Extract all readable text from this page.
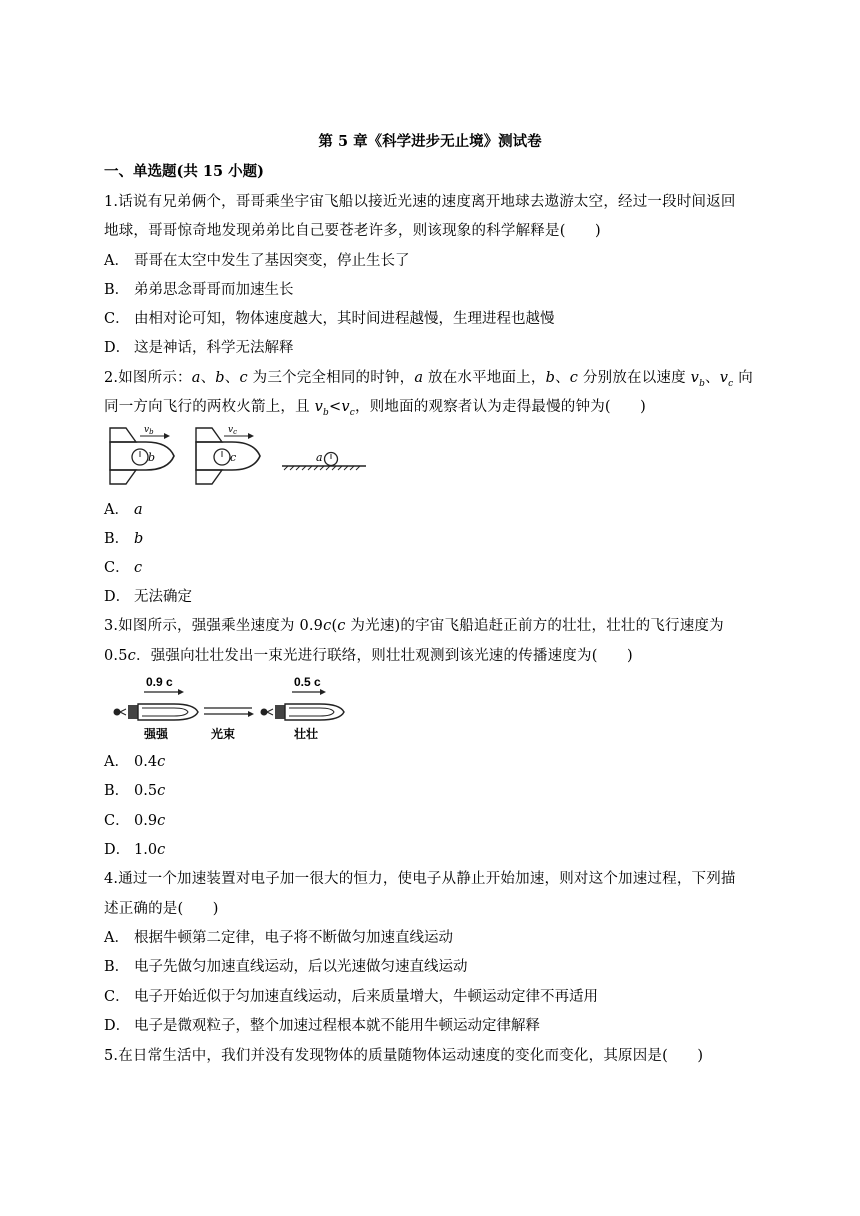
第 5 章《科学进步无止境》测试卷
一、单选题(共 15 小题)
1.话说有兄弟俩个，哥哥乘坐宇宙飞船以接近光速的速度离开地球去遨游太空，经过一段时间返回
地球，哥哥惊奇地发现弟弟比自己要苍老许多，则该现象的科学解释是(　　)
A． 哥哥在太空中发生了基因突变，停止生长了
B． 弟弟思念哥哥而加速生长
C． 由相对论可知，物体速度越大，其时间进程越慢，生理进程也越慢
D． 这是神话，科学无法解释
2.如图所示：a、b、c 为三个完全相同的时钟，a 放在水平地面上，b、c 分别放在以速度 $v_b$、$v_c$ 向
同一方向飞行的两枚火箭上，且 $v_b<v_c$，则地面的观察者认为走得最慢的钟为(　　)
b
$v_b$
c
$v_c$
a
A． a
B． b
C． c
D． 无法确定
3.如图所示，强强乘坐速度为 0.9c(c 为光速)的宇宙飞船追赶正前方的壮壮，壮壮的飞行速度为
0.5c．强强向壮壮发出一束光进行联络，则壮壮观测到该光速的传播速度为(　　)
0.9 c
强强	光束
0.5 c
壮壮
A． 0.4c
B． 0.5c
C． 0.9c
D． 1.0c
4.通过一个加速装置对电子加一很大的恒力，使电子从静止开始加速，则对这个加速过程，下列描
述正确的是(　　)
A． 根据牛顿第二定律，电子将不断做匀加速直线运动
B． 电子先做匀加速直线运动，后以光速做匀速直线运动
C． 电子开始近似于匀加速直线运动，后来质量增大，牛顿运动定律不再适用
D． 电子是微观粒子，整个加速过程根本就不能用牛顿运动定律解释
5.在日常生活中，我们并没有发现物体的质量随物体运动速度的变化而变化，其原因是(　　)
